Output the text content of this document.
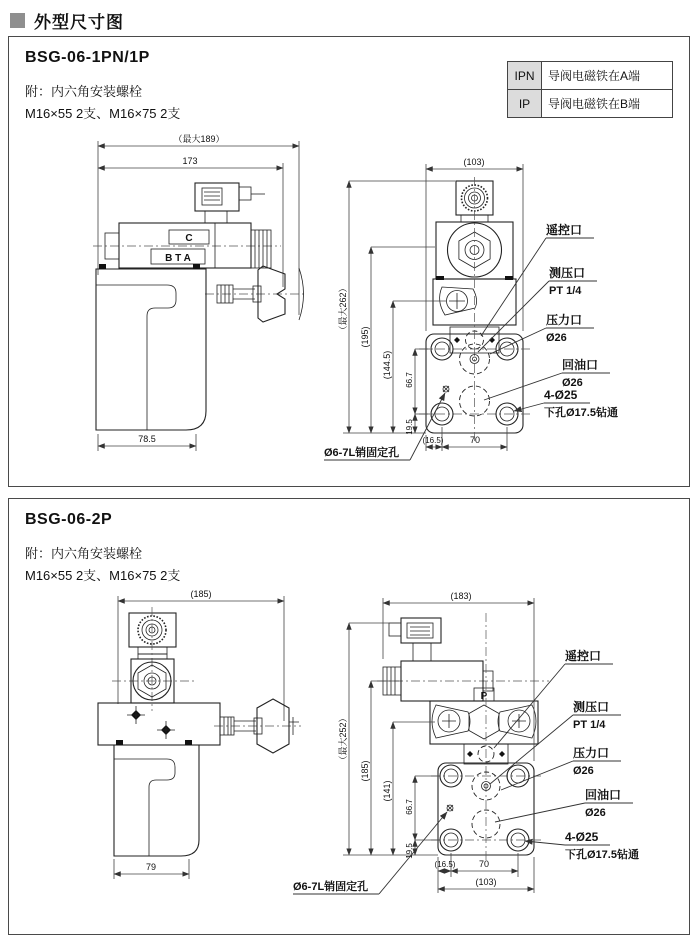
外型尺寸图
（最大189）
173
78.5
C
B T A
(103)
（最大262）
(195)
(144.5)
66.7
19.5
(16.5)	70
遥控口
测压口
PT 1/4
压力口
Ø26
回油口
Ø26
4-Ø25
下孔Ø17.5钻通
Ø6-7L销固定孔
BSG-06-1PN/1P
附：内六角安装螺栓
M16×55 2支、M16×75 2支
IPN	导阀电磁铁在A端
IP	导阀电磁铁在B端
(185)
79
P
(183)
（最大252）
(185)
(141)
66.7
19.5
(16.5)	70
(103)
遥控口
测压口
PT 1/4
压力口
Ø26
回油口
Ø26
4-Ø25
下孔Ø17.5钻通
Ø6-7L销固定孔
BSG-06-2P
附：内六角安装螺栓
M16×55 2支、M16×75 2支
